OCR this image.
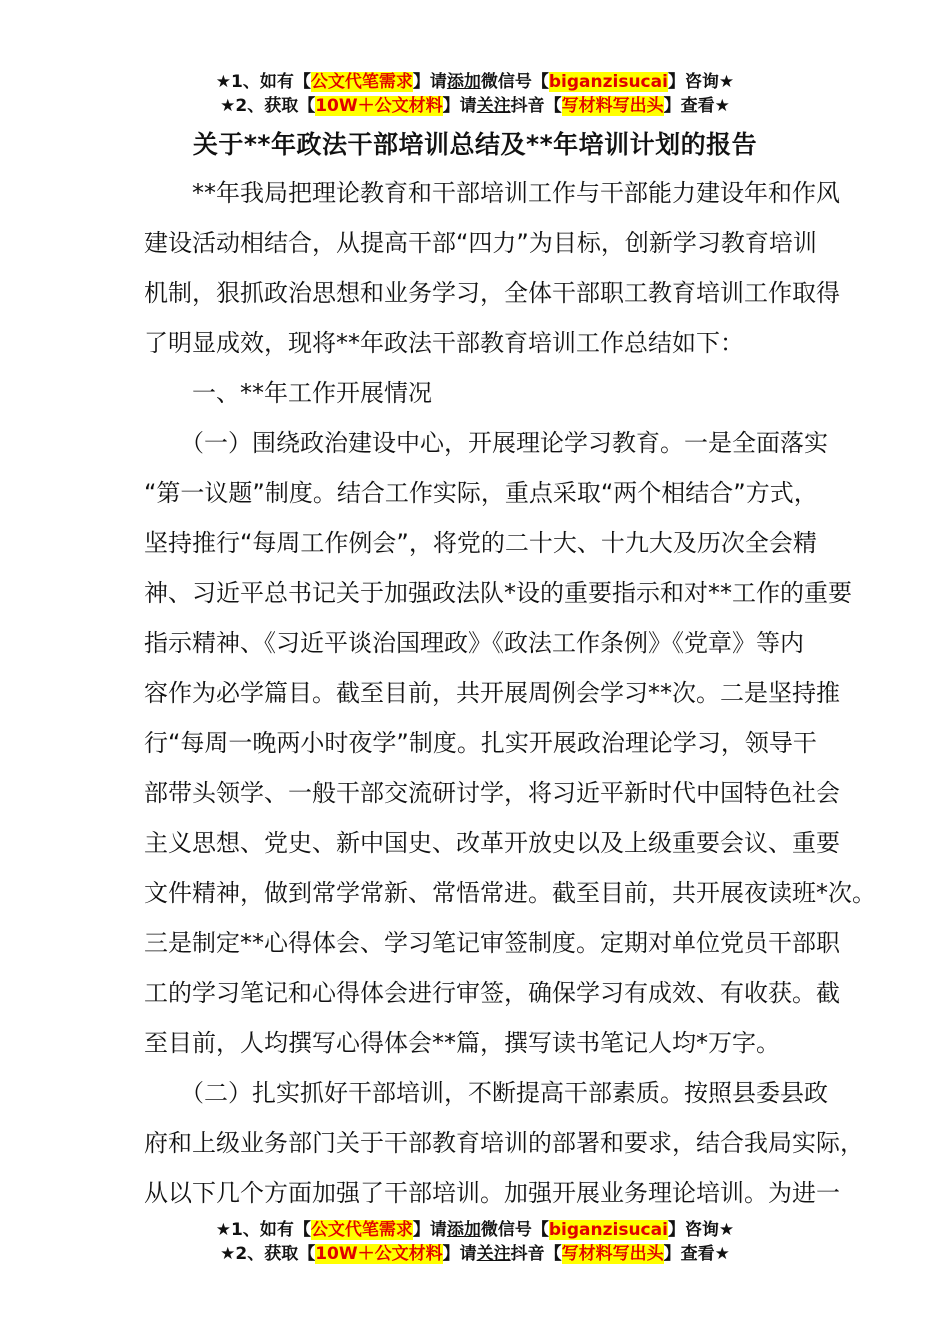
★1、如有【公文代笔需求】请添加微信号【biganzisucai】咨询★
★2、获取【10W＋公文材料】请关注抖音【写材料写出头】查看★
关于**年政法干部培训总结及**年培训计划的报告
　　**年我局把理论教育和干部培训工作与干部能力建设年和作风
建设活动相结合，从提高干部“四力”为目标，创新学习教育培训
机制，狠抓政治思想和业务学习，全体干部职工教育培训工作取得
了明显成效，现将**年政法干部教育培训工作总结如下：
　　一、**年工作开展情况
　　（一）围绕政治建设中心，开展理论学习教育。一是全面落实
“第一议题”制度。结合工作实际，重点采取“两个相结合”方式，
坚持推行“每周工作例会”，将党的二十大、十九大及历次全会精
神、习近平总书记关于加强政法队*设的重要指示和对**工作的重要
指示精神、《习近平谈治国理政》《政法工作条例》《党章》等内
容作为必学篇目。截至目前，共开展周例会学习**次。二是坚持推
行“每周一晚两小时夜学”制度。扎实开展政治理论学习，领导干
部带头领学、一般干部交流研讨学，将习近平新时代中国特色社会
主义思想、党史、新中国史、改革开放史以及上级重要会议、重要
文件精神，做到常学常新、常悟常进。截至目前，共开展夜读班*次。
三是制定**心得体会、学习笔记审签制度。定期对单位党员干部职
工的学习笔记和心得体会进行审签，确保学习有成效、有收获。截
至目前，人均撰写心得体会**篇，撰写读书笔记人均*万字。
　　（二）扎实抓好干部培训，不断提高干部素质。按照县委县政
府和上级业务部门关于干部教育培训的部署和要求，结合我局实际，
从以下几个方面加强了干部培训。加强开展业务理论培训。为进一
★1、如有【公文代笔需求】请添加微信号【biganzisucai】咨询★
★2、获取【10W＋公文材料】请关注抖音【写材料写出头】查看★
